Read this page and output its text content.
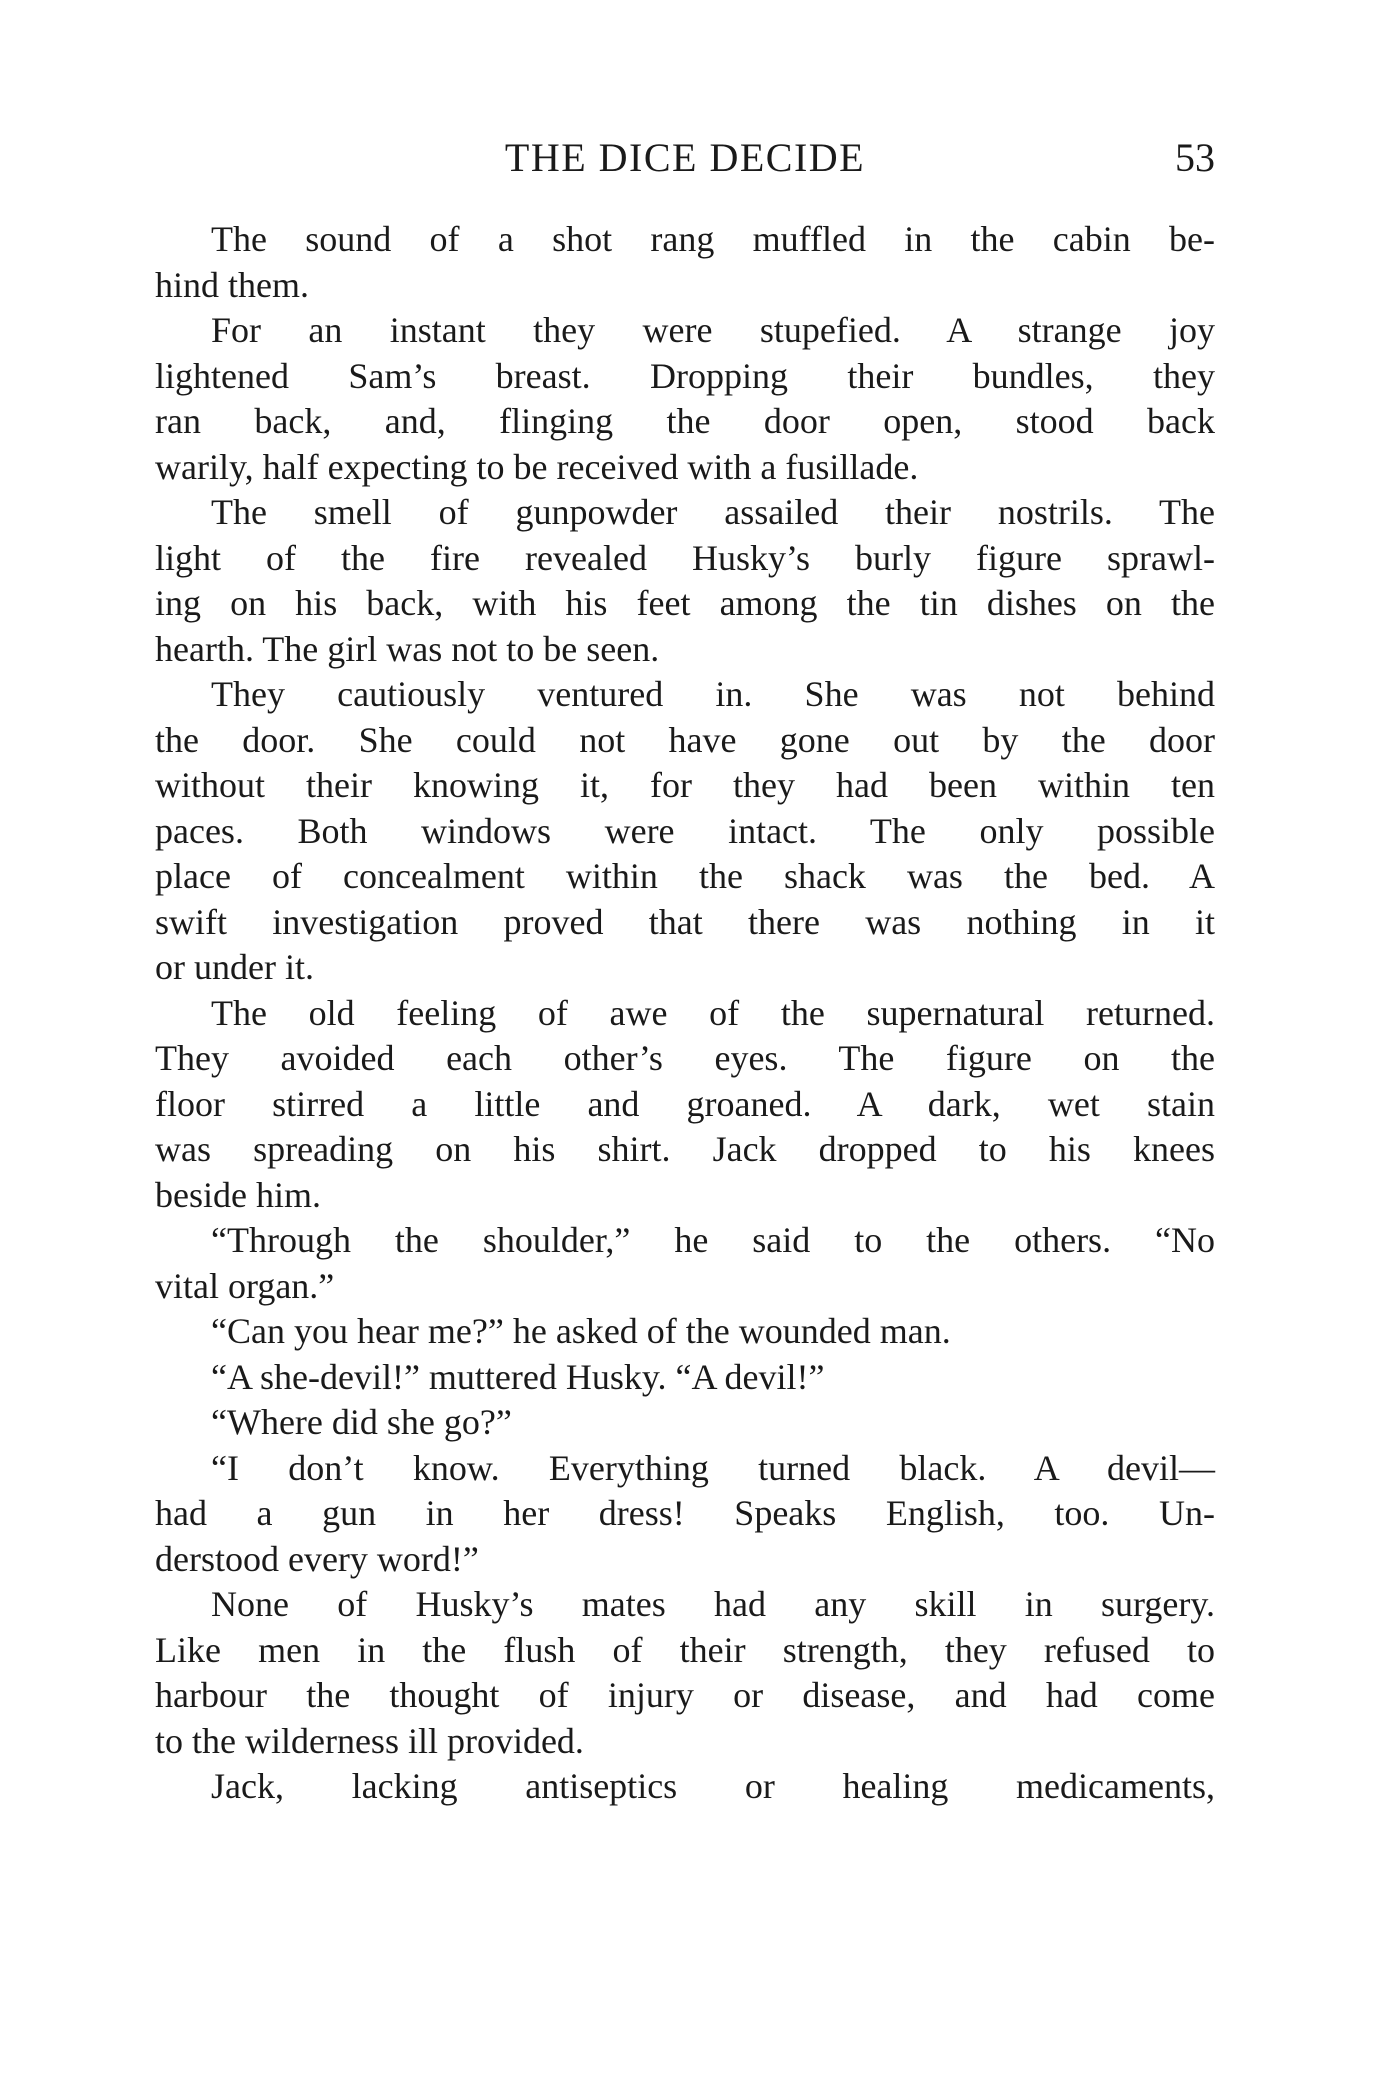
THE DICE DECIDE	53
The sound of a shot rang muffled in the cabin be-
hind them.
For an instant they were stupefied. A strange joy
lightened Sam’s breast. Dropping their bundles, they
ran back, and, flinging the door open, stood back
warily, half expecting to be received with a fusillade.
The smell of gunpowder assailed their nostrils. The
light of the fire revealed Husky’s burly figure sprawl-
ing on his back, with his feet among the tin dishes on the
hearth. The girl was not to be seen.
They cautiously ventured in. She was not behind
the door. She could not have gone out by the door
without their knowing it, for they had been within ten
paces. Both windows were intact. The only possible
place of concealment within the shack was the bed. A
swift investigation proved that there was nothing in it
or under it.
The old feeling of awe of the supernatural returned.
They avoided each other’s eyes. The figure on the
floor stirred a little and groaned. A dark, wet stain
was spreading on his shirt. Jack dropped to his knees
beside him.
“Through the shoulder,” he said to the others. “No
vital organ.”
“Can you hear me?” he asked of the wounded man.
“A she-devil!” muttered Husky. “A devil!”
“Where did she go?”
“I don’t know. Everything turned black. A devil—
had a gun in her dress! Speaks English, too. Un-
derstood every word!”
None of Husky’s mates had any skill in surgery.
Like men in the flush of their strength, they refused to
harbour the thought of injury or disease, and had come
to the wilderness ill provided.
Jack, lacking antiseptics or healing medicaments,
